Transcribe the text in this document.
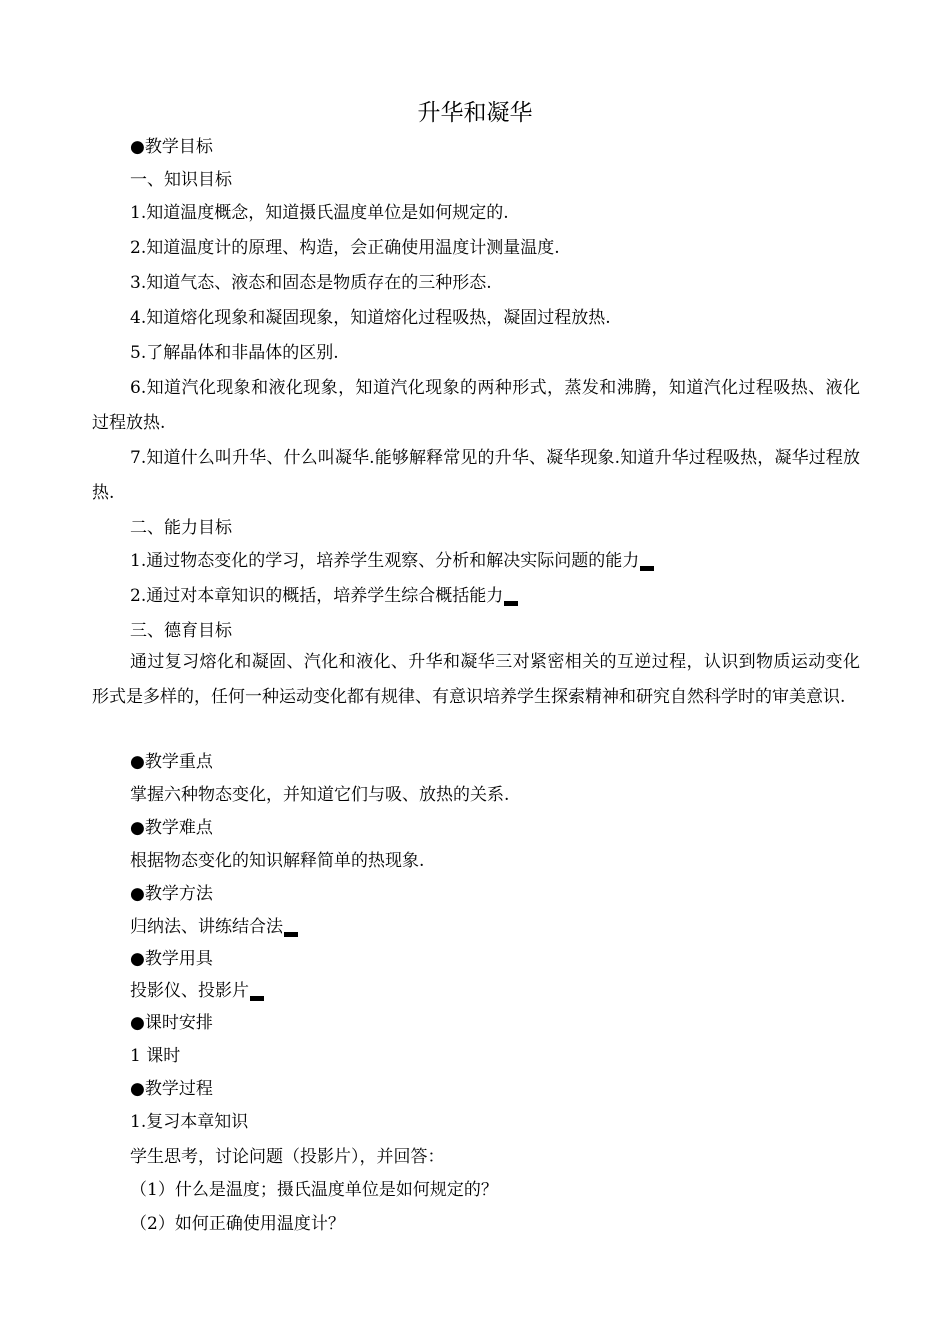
升华和凝华
●教学目标
一、知识目标
1.知道温度概念，知道摄氏温度单位是如何规定的.
2.知道温度计的原理、构造，会正确使用温度计测量温度.
3.知道气态、液态和固态是物质存在的三种形态.
4.知道熔化现象和凝固现象，知道熔化过程吸热，凝固过程放热.
5.了解晶体和非晶体的区别.
6.知道汽化现象和液化现象，知道汽化现象的两种形式，蒸发和沸腾，知道汽化过程吸热、液化过程放热.
7.知道什么叫升华、什么叫凝华.能够解释常见的升华、凝华现象.知道升华过程吸热，凝华过程放热.
二、能力目标
1.通过物态变化的学习，培养学生观察、分析和解决实际问题的能力
2.通过对本章知识的概括，培养学生综合概括能力
三、德育目标
通过复习熔化和凝固、汽化和液化、升华和凝华三对紧密相关的互逆过程，认识到物质运动变化形式是多样的，任何一种运动变化都有规律、有意识培养学生探索精神和研究自然科学时的审美意识.
●教学重点
掌握六种物态变化，并知道它们与吸、放热的关系.
●教学难点
根据物态变化的知识解释简单的热现象.
●教学方法
归纳法、讲练结合法
●教学用具
投影仪、投影片
●课时安排
1 课时
●教学过程
1.复习本章知识
学生思考，讨论问题（投影片），并回答：
（1）什么是温度；摄氏温度单位是如何规定的？
（2）如何正确使用温度计？
